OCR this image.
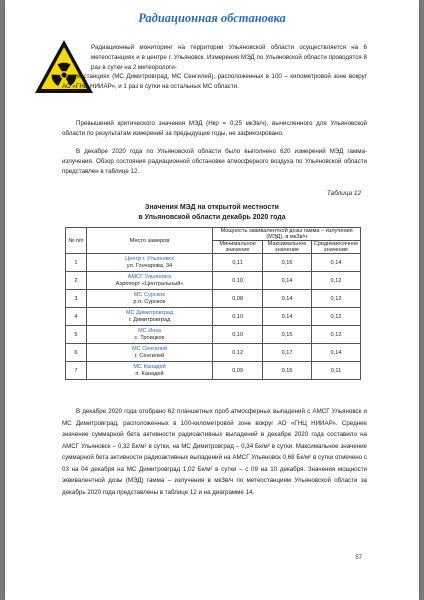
Радиационная обстановка

Радиационный мониторинг на территории Ульяновской области осуществляется на 6 метеостанциях и в центре г. Ульяновск. Измерения МЭД по Ульяновской области проводятся 8 раз в сутки на 2 метеорологи-

ческих станциях (МС Димитровград, МС Сенгилей), расположенных в 100 – километровой зоне вокруг АО «ГНЦ НИИАР», и 1 раз в сутки на остальных МС области.

Превышений критического значения МЭД (Нкр = 0,25 мкЗв/ч), вычисленного для Ульяновской области по результатам измерений за предыдущие годы, не зафиксировано.

В декабре 2020 года по Ульяновской области было выполнено 620 измерений МЭД гамма-излучения. Обзор состояния радиационной обстановки атмосферного воздуха по Ульяновской области представлен в таблице 12.

Таблица 12
Значения МЭД на открытой местности
в Ульяновской области декабрь 2020 года
№ п/п	Место замеров	Мощность эквивалентной дозы гамма – излучения (МЭД), в мкЗв/ч		
		Минимальное значение	Максимальное значение	Среднемесячное значение
1	Центр г. Ульяновск
ул. Гончарова, 34	0,11	0,16	0,14
2	АМСГ Ульяновск
Аэропорт «Центральный»	0,10	0,14	0,12
3	МС Сурское
р.п. Сурское	0,08	0,14	0,12
4	МС Димитровград
г. Димитровград	0,10	0,14	0,12
5	МС Инза
с. Троицкое	0,10	0,15	0,12
6	МС Сенгилей
г. Сенгилей	0,12	0,17	0,14
7	МС Канадей
п. Канадей	0,09	0,15	0,11

В декабре 2020 года отобрано 62 планшетных проб атмосферных выпадений с АМСГ Ульяновск и МС Димитровград, расположенных в 100-километровой зоне вокруг АО «ГНЦ НИИАР». Среднее значение суммарной бета активности радиоактивных выпадений в декабре 2020 года составило на АМСГ Ульяновск – 0,32 Бк/м² в сутки, на МС Димитровград – 0,34 Бк/м² в сутки. Максимальное значение суммарной бета активности радиоактивных выпадений на АМСГ Ульяновск 0,68 Бк/м² в сутки отмечено с 03 на 04 декабря на МС Димитровград 1,02 Бк/м² в сутки – с 09 на 10 декабря. Значения мощности эквивалентной дозы (МЭД) гамма – излучения в мкЗв/ч по метеостанциям Ульяновской области за декабрь 2020 года представлены в таблице 12 и на диаграмме 14.

57
